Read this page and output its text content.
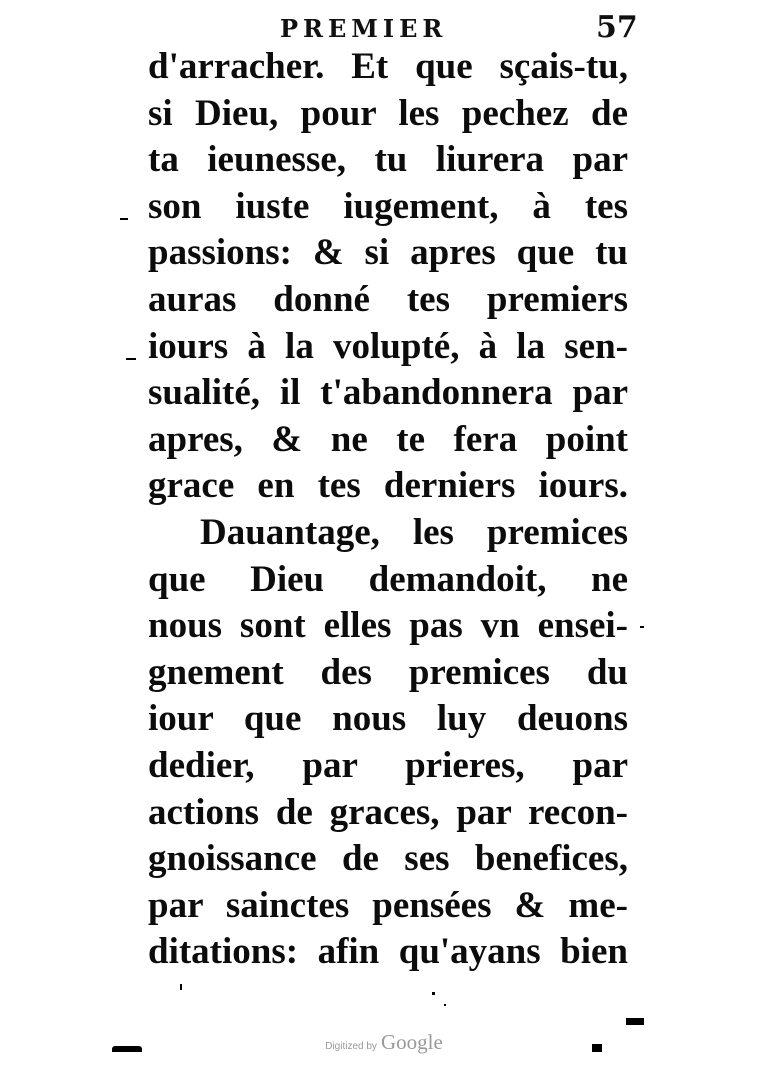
PREMIER	57
d'arracher. Et que sçais-tu,
si Dieu, pour les pechez de
ta ieunesse, tu liurera par
son iuste iugement, à tes
passions: & si apres que tu
auras donné tes premiers
iours à la volupté, à la sen-
sualité, il t'abandonnera par
apres, & ne te fera point
grace en tes derniers iours.
Dauantage, les premices
que Dieu demandoit, ne
nous sont elles pas vn ensei-
gnement des premices du
iour que nous luy deuons
dedier, par prieres, par
actions de graces, par recon-
gnoissance de ses benefices,
par sainctes pensées & me-
ditations: afin qu'ayans bien
Digitized by Google
